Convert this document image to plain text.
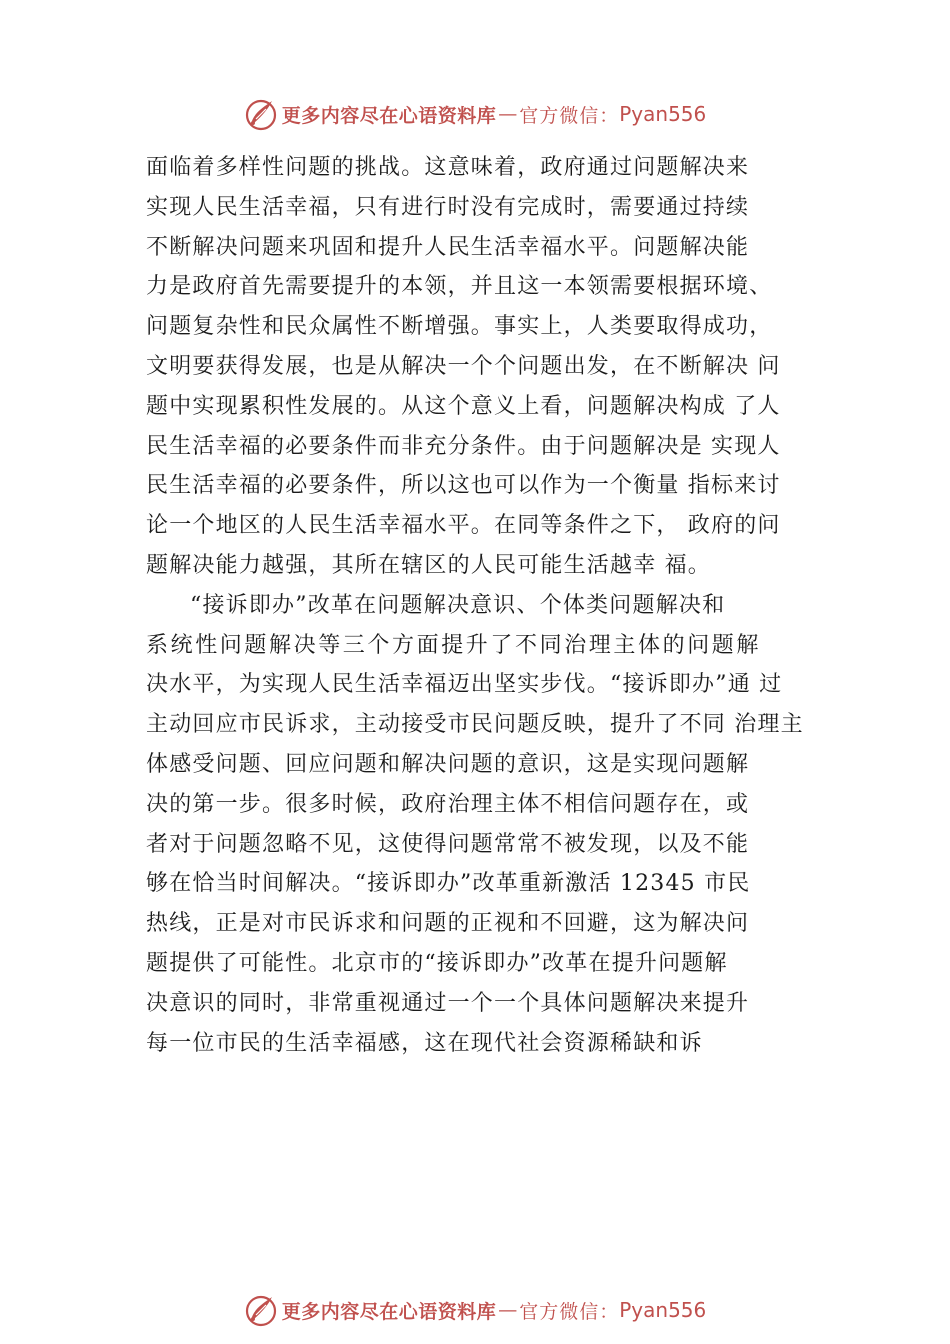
更多内容尽在心语资料库 — 官方微信： Pyan556
面临着多样性问题的挑战。这意味着，政府通过问题解决来
实现人民生活幸福，只有进行时没有完成时，需要通过持续
不断解决问题来巩固和提升人民生活幸福水平。问题解决能
力是政府首先需要提升的本领，并且这一本领需要根据环境、
问题复杂性和民众属性不断增强。事实上，人类要取得成功，
文明要获得发展，也是从解决一个个问题出发，在不断解决 问
题中实现累积性发展的。从这个意义上看，问题解决构成 了人
民生活幸福的必要条件而非充分条件。由于问题解决是 实现人
民生活幸福的必要条件，所以这也可以作为一个衡量 指标来讨
论一个地区的人民生活幸福水平。在同等条件之下， 政府的问
题解决能力越强，其所在辖区的人民可能生活越幸 福。
“接诉即办”改革在问题解决意识、个体类问题解决和
系统性问题解决等三个方面提升了不同治理主体的问题解
决水平，为实现人民生活幸福迈出坚实步伐。“接诉即办”通 过
主动回应市民诉求，主动接受市民问题反映，提升了不同 治理主
体感受问题、回应问题和解决问题的意识，这是实现问题解
决的第一步。很多时候，政府治理主体不相信问题存在，或
者对于问题忽略不见，这使得问题常常不被发现，以及不能
够在恰当时间解决。“接诉即办”改革重新激活 12345 市民
热线，正是对市民诉求和问题的正视和不回避，这为解决问
题提供了可能性。北京市的“接诉即办”改革在提升问题解
决意识的同时，非常重视通过一个一个具体问题解决来提升
每一位市民的生活幸福感，这在现代社会资源稀缺和诉
更多内容尽在心语资料库 — 官方微信： Pyan556
